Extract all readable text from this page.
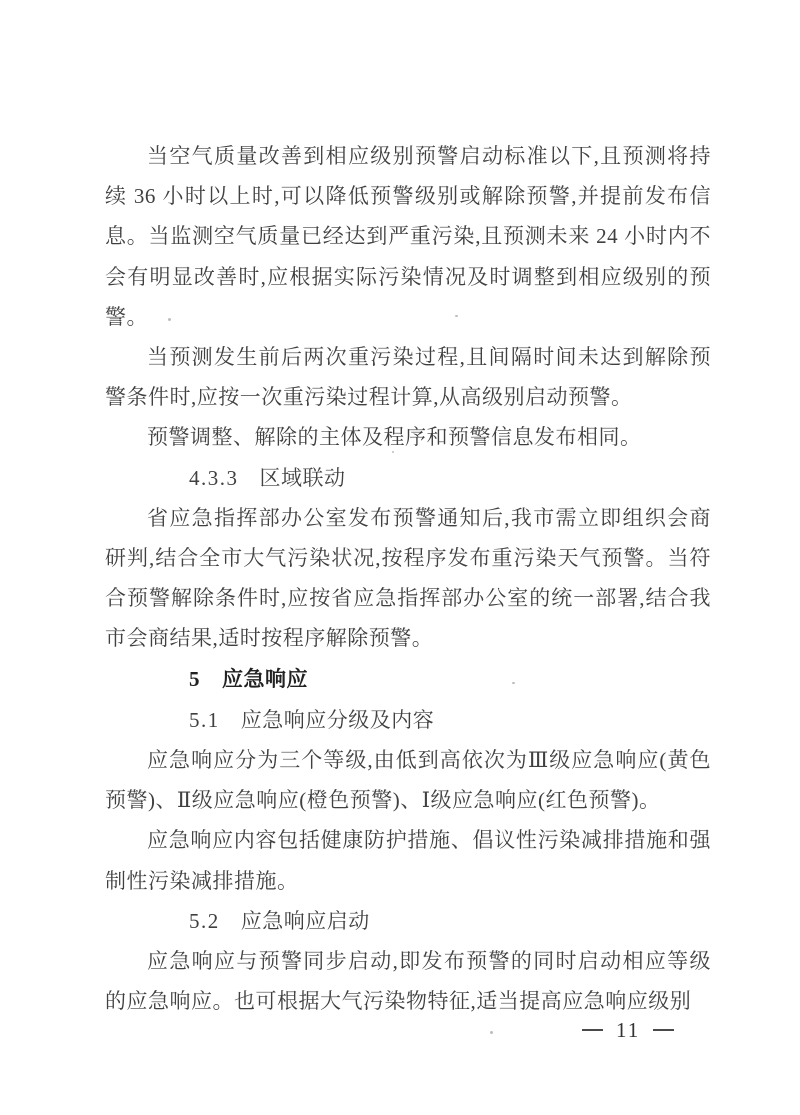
当空气质量改善到相应级别预警启动标准以下,且预测将持续 36 小时以上时,可以降低预警级别或解除预警,并提前发布信息。当监测空气质量已经达到严重污染,且预测未来 24 小时内不会有明显改善时,应根据实际污染情况及时调整到相应级别的预警。

当预测发生前后两次重污染过程,且间隔时间未达到解除预警条件时,应按一次重污染过程计算,从高级别启动预警。

预警调整、解除的主体及程序和预警信息发布相同。

4.3.3 区域联动

省应急指挥部办公室发布预警通知后,我市需立即组织会商研判,结合全市大气污染状况,按程序发布重污染天气预警。当符合预警解除条件时,应按省应急指挥部办公室的统一部署,结合我市会商结果,适时按程序解除预警。

5 应急响应

5.1 应急响应分级及内容

应急响应分为三个等级,由低到高依次为Ⅲ级应急响应(黄色预警)、Ⅱ级应急响应(橙色预警)、Ⅰ级应急响应(红色预警)。

应急响应内容包括健康防护措施、倡议性污染减排措施和强制性污染减排措施。

5.2 应急响应启动

应急响应与预警同步启动,即发布预警的同时启动相应等级的应急响应。也可根据大气污染物特征,适当提高应急响应级别

11
